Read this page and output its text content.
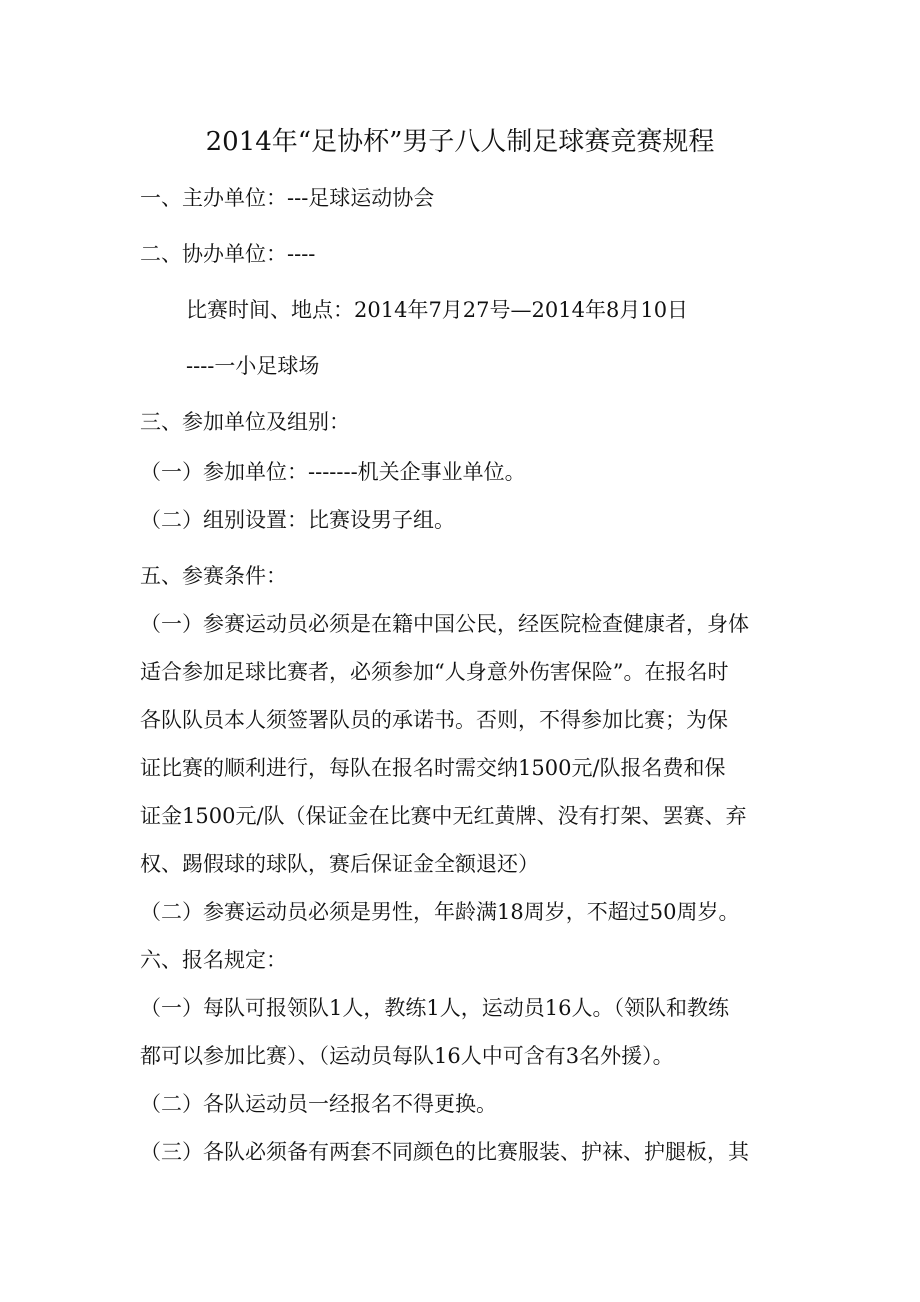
2014年“足协杯”男子八人制足球赛竞赛规程

一、主办单位：---足球运动协会

二、协办单位：----

比赛时间、地点：2014年7月27号—2014年8月10日

----一小足球场

三、参加单位及组别：

（一）参加单位：-------机关企事业单位。

（二）组别设置：比赛设男子组。

五、参赛条件：

（一）参赛运动员必须是在籍中国公民，经医院检查健康者，身体

适合参加足球比赛者，必须参加“人身意外伤害保险”。在报名时

各队队员本人须签署队员的承诺书。否则，不得参加比赛；为保

证比赛的顺利进行，每队在报名时需交纳1500元/队报名费和保

证金1500元/队（保证金在比赛中无红黄牌、没有打架、罢赛、弃

权、踢假球的球队，赛后保证金全额退还）

（二）参赛运动员必须是男性，年龄满18周岁，不超过50周岁。

六、报名规定：

（一）每队可报领队1人，教练1人，运动员16人。（领队和教练

都可以参加比赛）、（运动员每队16人中可含有3名外援）。

（二）各队运动员一经报名不得更换。

（三）各队必须备有两套不同颜色的比赛服装、护袜、护腿板，其
